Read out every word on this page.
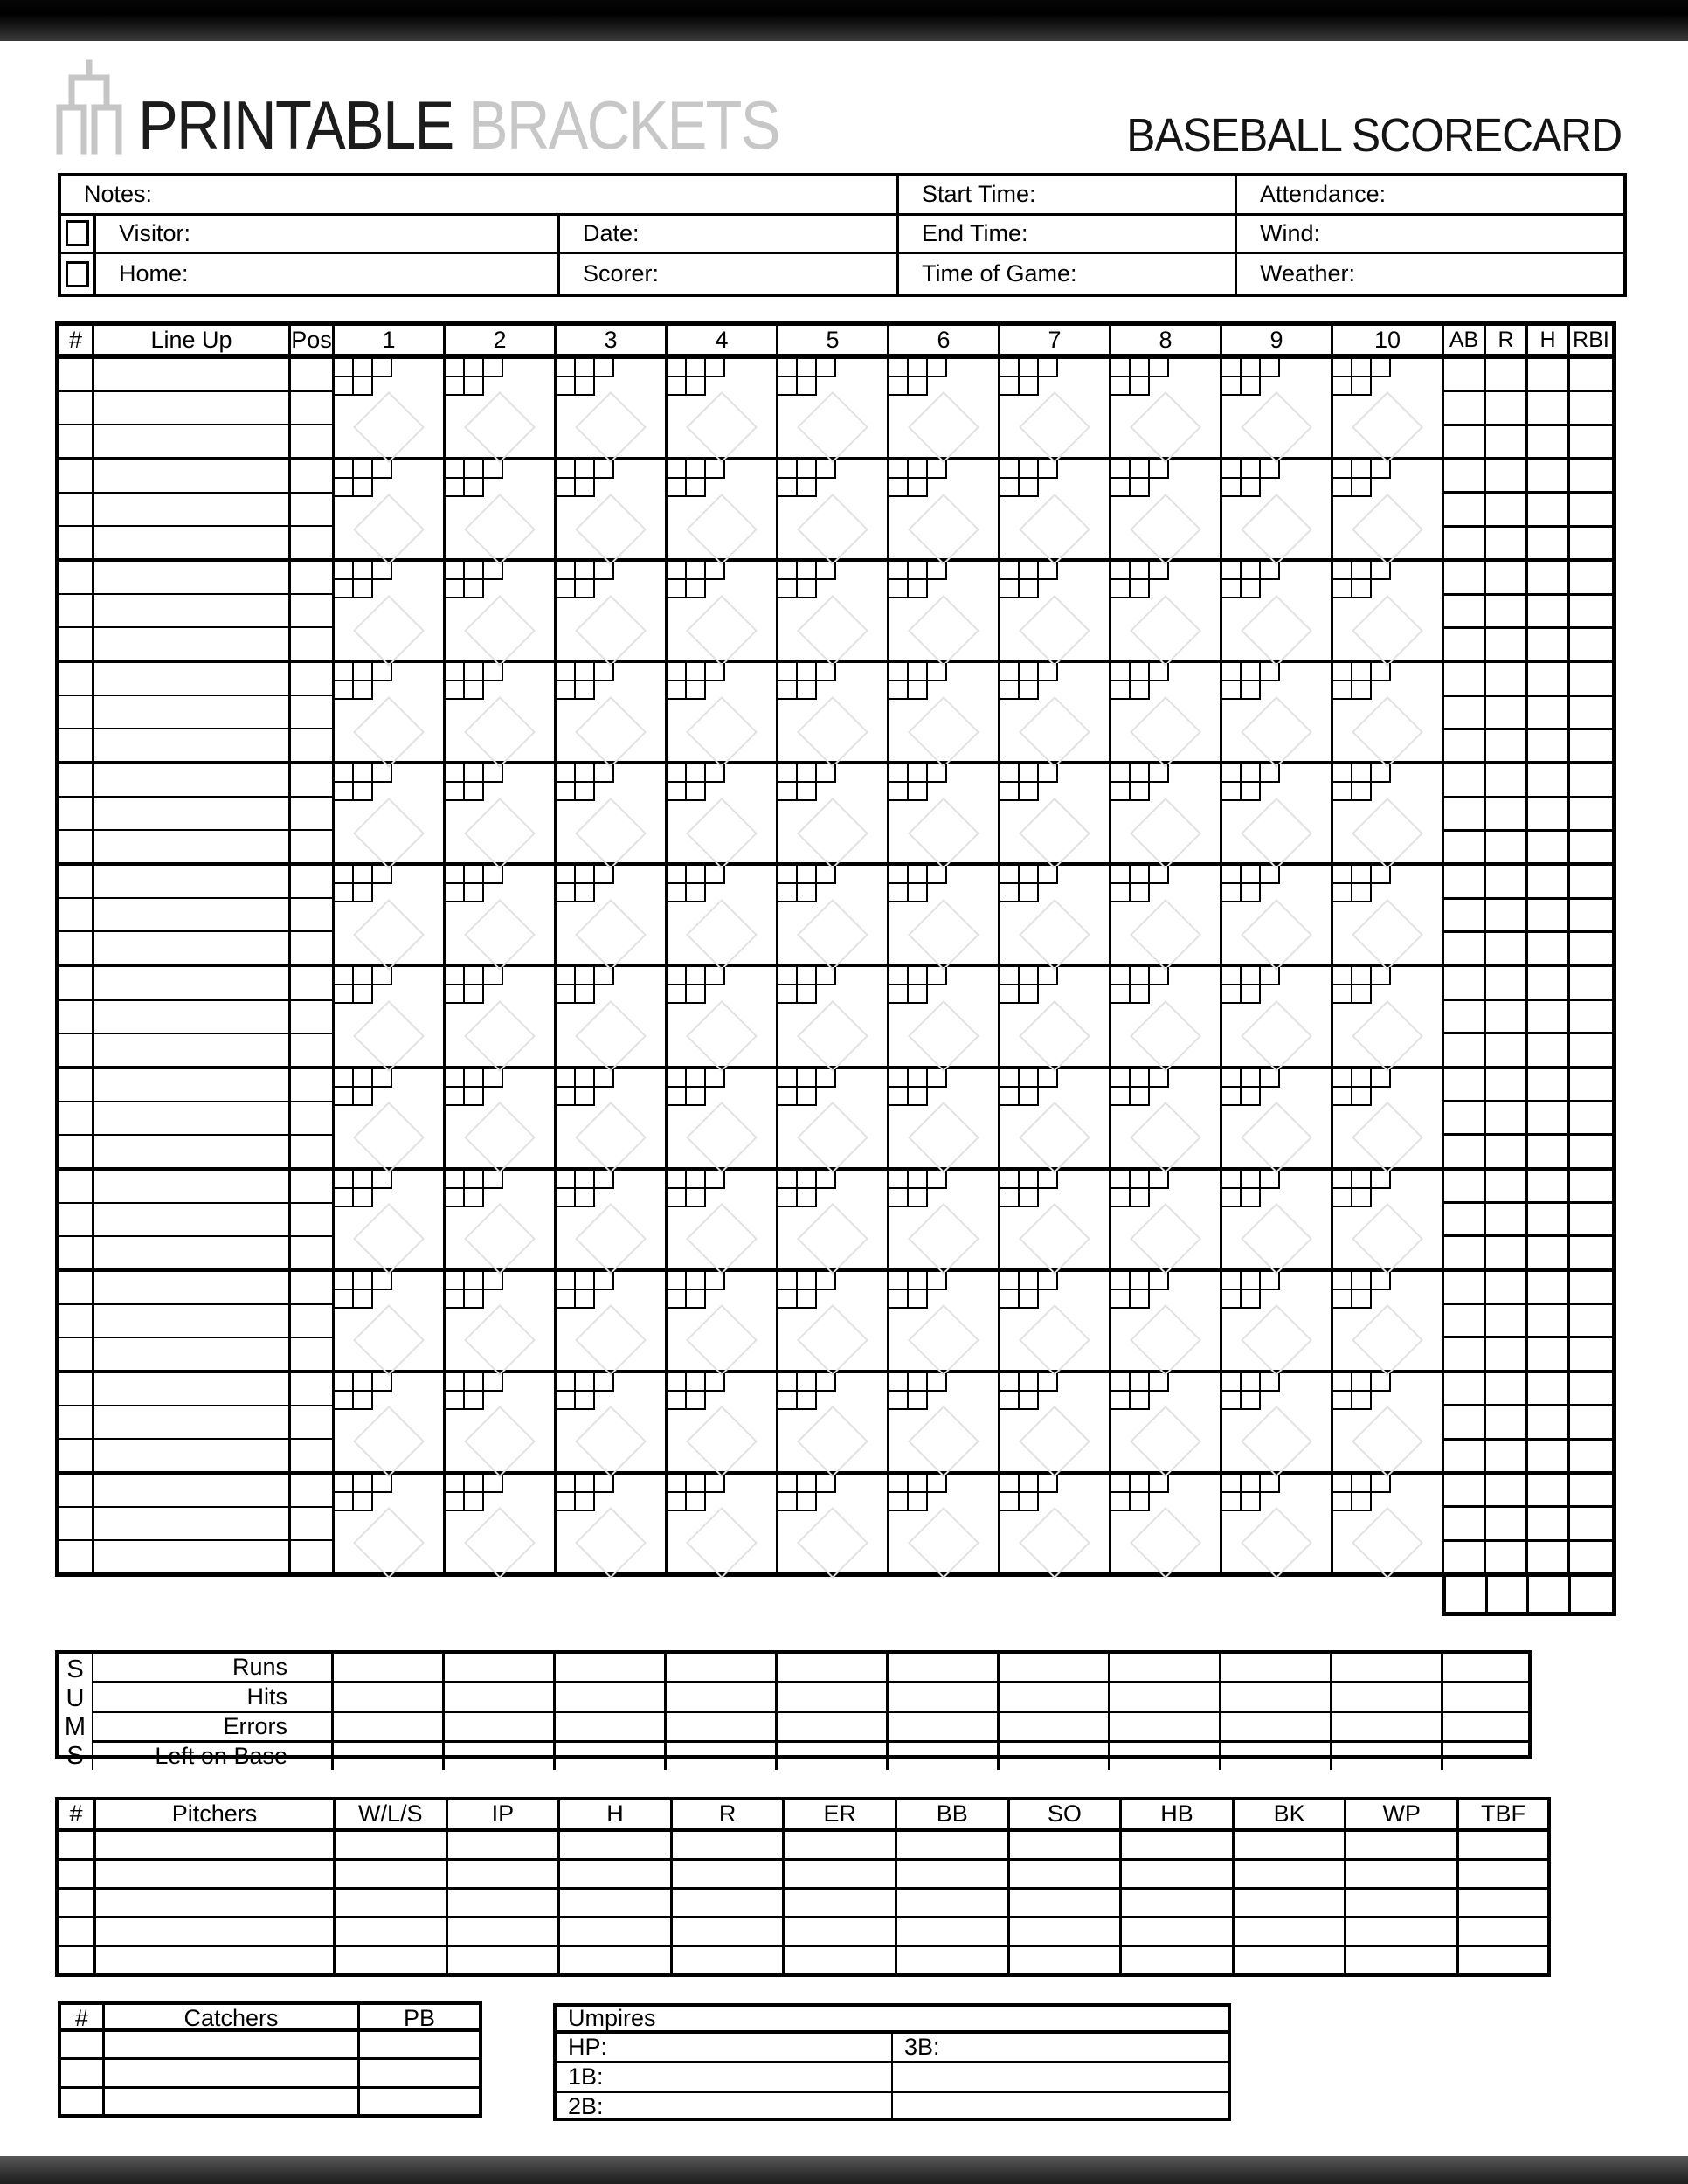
PRINTABLE BRACKETS	BASEBALL SCORECARD
Notes:	Start Time:	Attendance:
Visitor:	Date:	End Time:	Wind:
Home:	Scorer:	Time of Game:	Weather:
#	Line Up	Pos	1	2	3	4	5	6	7	8	9	10	AB R	H RBI
S
U
M
S
Runs
Hits
Errors
Left on Base
#	Pitchers	W/L/S	IP	H	R	ER	BB	SO	HB	BK	WP	TBF
#	Catchers	PB	Umpires
HP:	3B:
1B:
2B:
